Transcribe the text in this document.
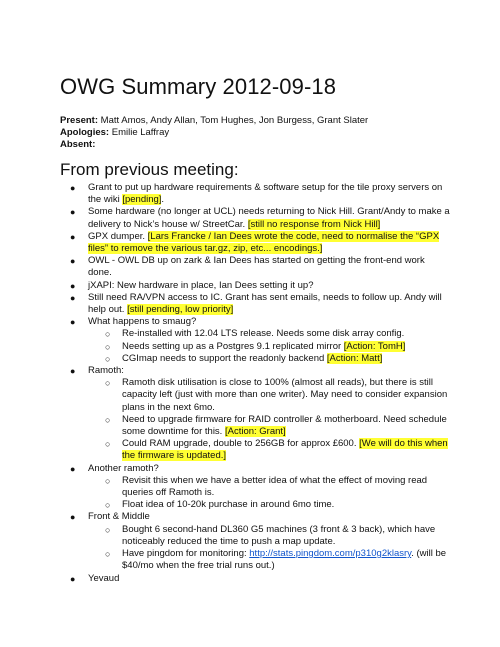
OWG Summary 2012-09-18
Present: Matt Amos, Andy Allan, Tom Hughes, Jon Burgess, Grant Slater
Apologies: Emilie Laffray
Absent:
From previous meeting:
● Grant to put up hardware requirements & software setup for the tile proxy servers on the wiki [pending].
● Some hardware (no longer at UCL) needs returning to Nick Hill. Grant/Andy to make a delivery to Nick’s house w/ StreetCar. [still no response from Nick Hill]
● GPX dumper. [Lars Francke / Ian Dees wrote the code, need to normalise the “GPX files” to remove the various tar.gz, zip, etc... encodings.]
● OWL - OWL DB up on zark & Ian Dees has started on getting the front-end work done.
● jXAPI: New hardware in place, Ian Dees setting it up?
● Still need RA/VPN access to IC. Grant has sent emails, needs to follow up. Andy will help out. [still pending, low priority]
● What happens to smaug?
○ Re-installed with 12.04 LTS release. Needs some disk array config.
○ Needs setting up as a Postgres 9.1 replicated mirror [Action: TomH]
○ CGImap needs to support the readonly backend [Action: Matt]
● Ramoth:
○ Ramoth disk utilisation is close to 100% (almost all reads), but there is still capacity left (just with more than one writer). May need to consider expansion plans in the next 6mo.
○ Need to upgrade firmware for RAID controller & motherboard. Need schedule some downtime for this. [Action: Grant]
○ Could RAM upgrade, double to 256GB for approx £600. [We will do this when the firmware is updated.]
● Another ramoth?
○ Revisit this when we have a better idea of what the effect of moving read queries off Ramoth is.
○ Float idea of 10-20k purchase in around 6mo time.
● Front & Middle
○ Bought 6 second-hand DL360 G5 machines (3 front & 3 back), which have noticeably reduced the time to push a map update.
○ Have pingdom for monitoring: http://stats.pingdom.com/p310g2klasry. (will be $40/mo when the free trial runs out.)
● Yevaud
